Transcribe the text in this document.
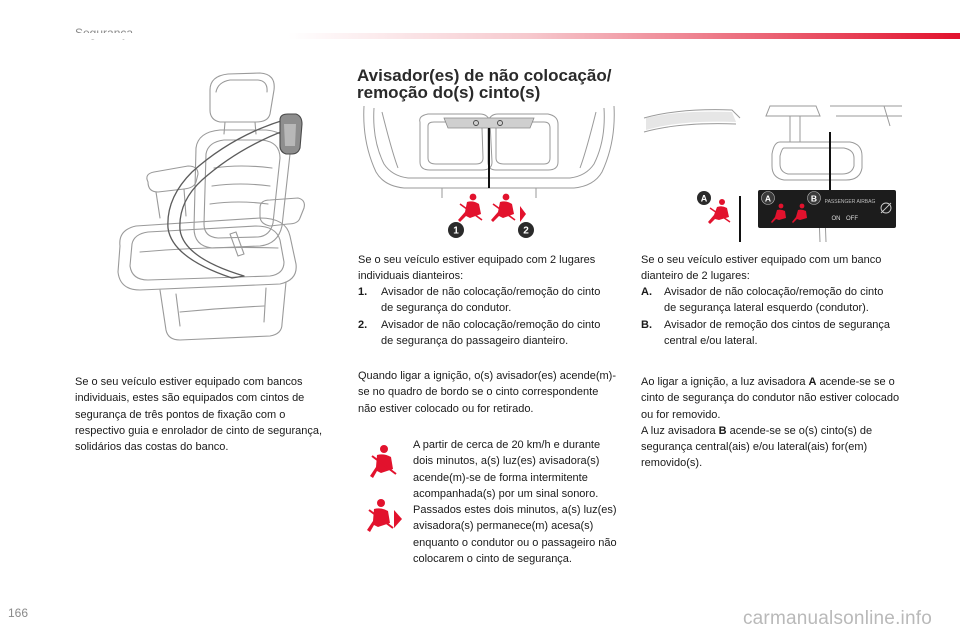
Se o seu veículo estiver equipado com bancos individuais, estes são equipados com cintos de segurança de três pontos de fixação com o respectivo guia e enrolador de cinto de segurança, solidários das costas do banco.
Avisador(es) de não colocação/
remoção do(s) cinto(s)
1	2
A	A	B PASSENGER AIRBAG
ON OFF
Se o seu veículo estiver equipado com 2 lugares individuais dianteiros:
1.	Avisador de não colocação/remoção do cinto de segurança do condutor.
2.	Avisador de não colocação/remoção do cinto de segurança do passageiro dianteiro.
Quando ligar a ignição, o(s) avisador(es) acende(m)-se no quadro de bordo se o cinto correspondente não estiver colocado ou for retirado.
A partir de cerca de 20 km/h e durante dois minutos, a(s) luz(es) avisadora(s) acende(m)-se de forma intermitente acompanhada(s) por um sinal sonoro. Passados estes dois minutos, a(s) luz(es) avisadora(s) permanece(m) acesa(s) enquanto o condutor ou o passageiro não colocarem o cinto de segurança.
Se o seu veículo estiver equipado com um banco dianteiro de 2 lugares:
A.	Avisador de não colocação/remoção do cinto de segurança lateral esquerdo (condutor).
B.	Avisador de remoção dos cintos de segurança central e/ou lateral.

Ao ligar a ignição, a luz avisadora A acende-se se o cinto de segurança do condutor não estiver colocado ou for removido.

A luz avisadora B acende-se se o(s) cinto(s) de segurança central(ais) e/ou lateral(ais) for(em) removido(s).

166	carmanualsonline.info
